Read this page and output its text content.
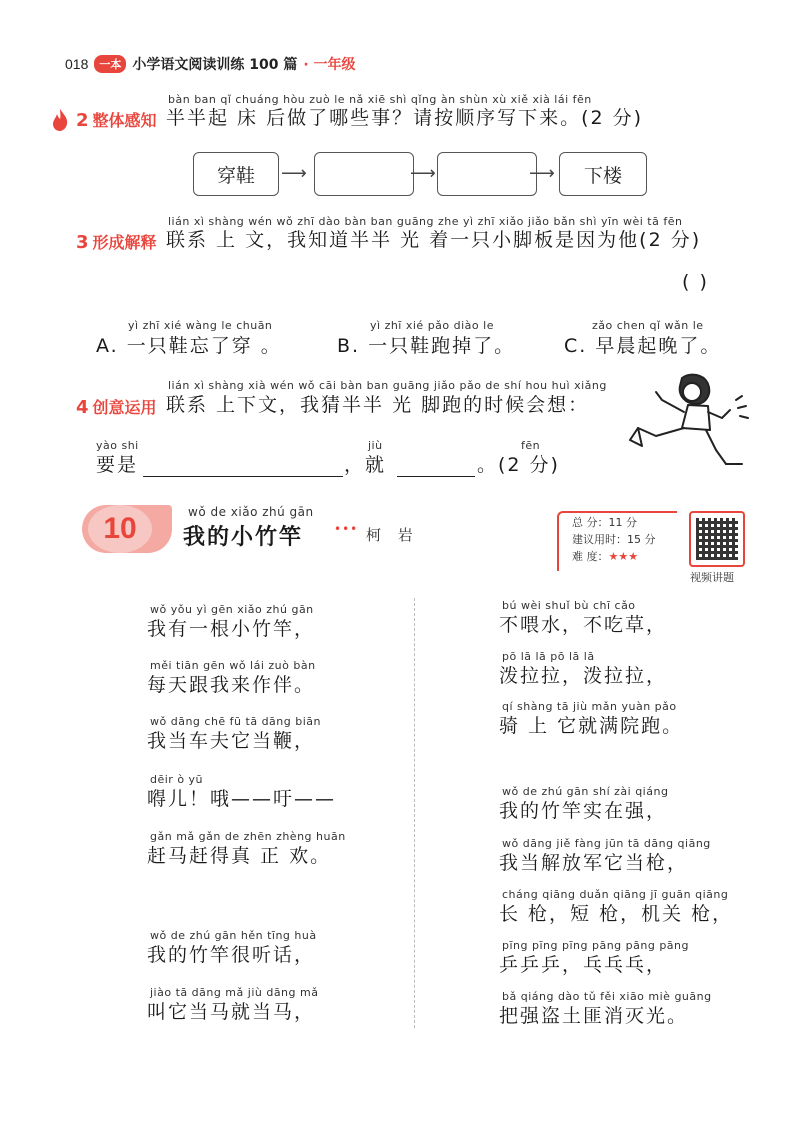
018	一本 小学语文阅读训练 100 篇 · 一年级
bàn ban qǐ chuáng hòu zuò le nǎ xiē shì qǐng àn shùn xù xiě xià lái fēn
2 整体感知 半半起 床 后做了哪些事？请按顺序写下来。(2 分)
穿鞋	⟶	⟶	⟶	下楼
lián xì shàng wén wǒ zhī dào bàn ban guāng zhe yì zhī xiǎo jiǎo bǎn shì yīn wèi tā fēn
3 形成解释 联系 上 文，我知道半半 光 着一只小脚板是因为他(2 分)
( )
yì zhī xié wàng le chuān
A. 一只鞋忘了穿 。
yì zhī xié pǎo diào le
B. 一只鞋跑掉了。
zǎo chen qǐ wǎn le
C. 早晨起晚了。
lián xì shàng xià wén wǒ cāi bàn ban guāng jiǎo pǎo de shí hou huì xiǎng
4 创意运用 联系 上下文，我猜半半 光 脚跑的时候会想：
yào shi
要是
jiù
，就
fēn
。(2 分)
10	wǒ de xiǎo zhú gān
我的小竹竿	••• 柯 岩
总 分：11 分
建议用时：15 分
难 度：★★★
视频讲题
wǒ yǒu yì gēn xiǎo zhú gān
我有一根小竹竿，
měi tiān gēn wǒ lái zuò bàn
每天跟我来作伴。
wǒ dāng chē fū tā dāng biān
我当车夫它当鞭，
dēir ò yū
嘚儿！哦——吁——
gǎn mǎ gǎn de zhēn zhèng huān
赶马赶得真 正 欢。
wǒ de zhú gān hěn tīng huà
我的竹竿很听话，
jiào tā dāng mǎ jiù dāng mǎ
叫它当马就当马，
bú wèi shuǐ bù chī cǎo
不喂水，不吃草，
pō lā lā pō lā lā
泼拉拉，泼拉拉，
qí shàng tā jiù mǎn yuàn pǎo
骑 上 它就满院跑。
wǒ de zhú gān shí zài qiáng
我的竹竿实在强，
wǒ dāng jiě fàng jūn tā dāng qiāng
我当解放军它当枪，
cháng qiāng duǎn qiāng jī guān qiāng
长 枪，短 枪，机关 枪，
pīng pīng pīng pāng pāng pāng
乒乒乒，乓乓乓，
bǎ qiáng dào tǔ fěi xiāo miè guāng
把强盗土匪消灭光。
